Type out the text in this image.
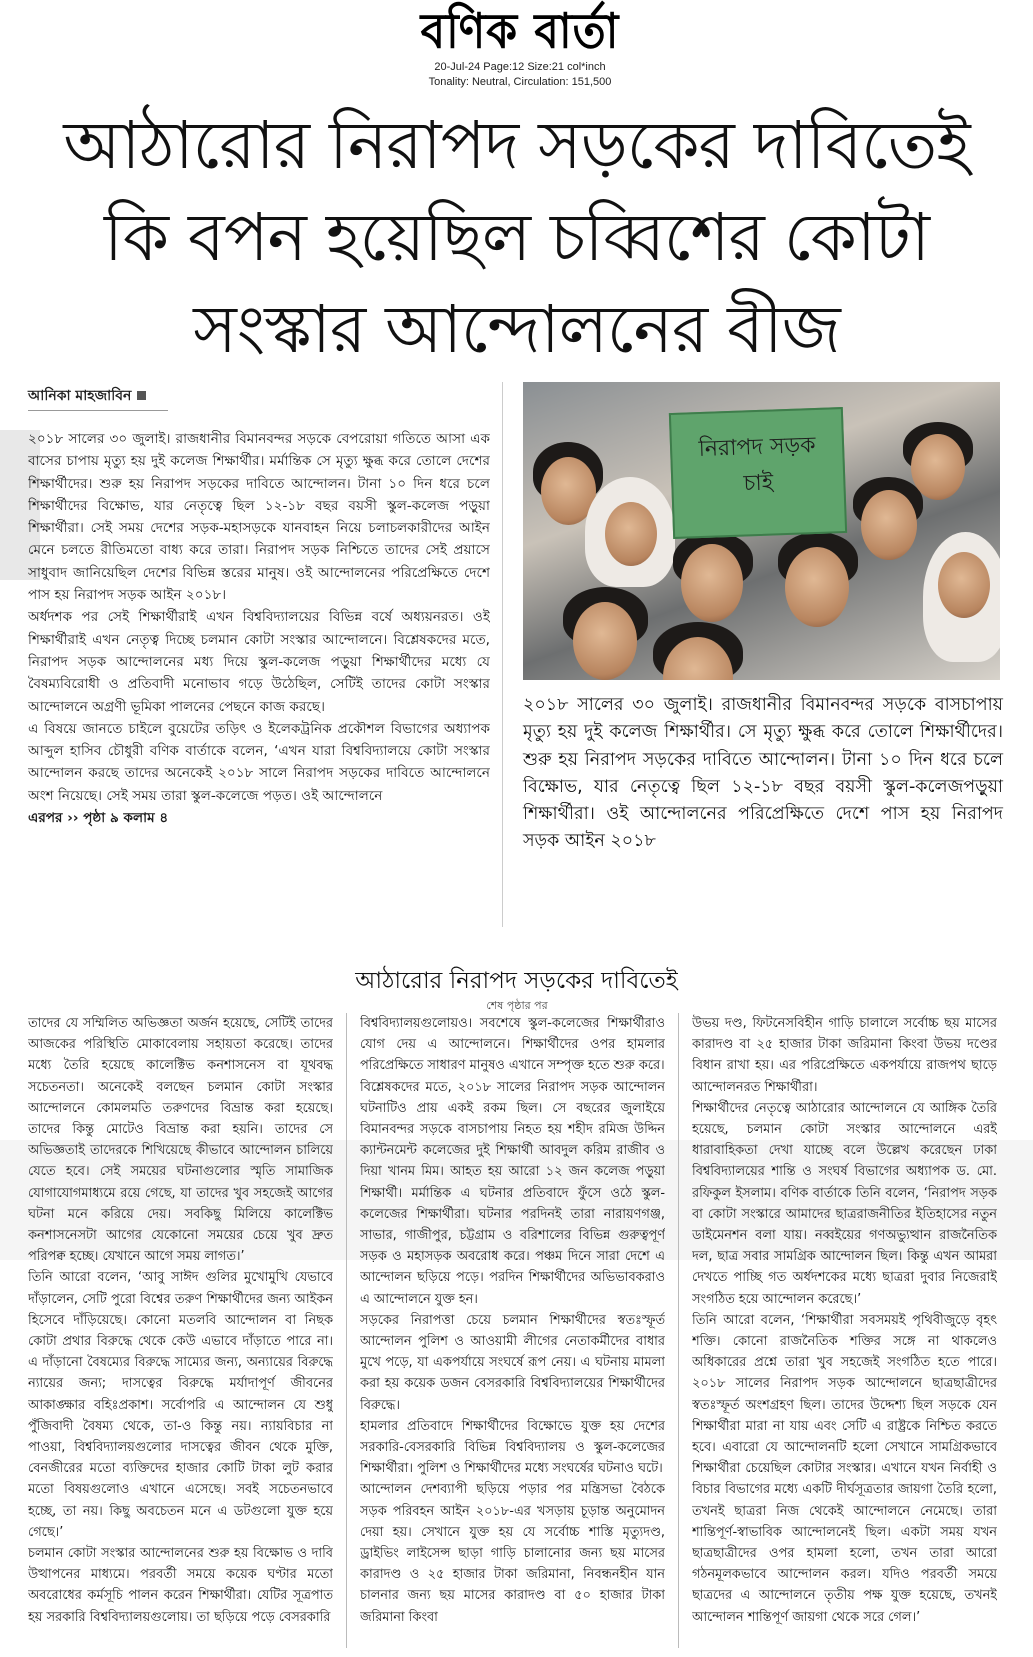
বণিক বার্তা
20-Jul-24 Page:12 Size:21 col*inch
Tonality: Neutral, Circulation: 151,500
আঠারোর নিরাপদ সড়কের দাবিতেই
কি বপন হয়েছিল চব্বিশের কোটা
সংস্কার আন্দোলনের বীজ
আনিকা মাহজাবিন

২০১৮ সালের ৩০ জুলাই। রাজধানীর বিমানবন্দর সড়কে বেপরোয়া গতিতে আসা এক বাসের চাপায় মৃত্যু হয় দুই কলেজ শিক্ষার্থীর। মর্মান্তিক সে মৃত্যু ক্ষুব্ধ করে তোলে দেশের শিক্ষার্থীদের। শুরু হয় নিরাপদ সড়কের দাবিতে আন্দোলন। টানা ১০ দিন ধরে চলে শিক্ষার্থীদের বিক্ষোভ, যার নেতৃত্বে ছিল ১২-১৮ বছর বয়সী স্কুল-কলেজ পড়ুয়া শিক্ষার্থীরা। সেই সময় দেশের সড়ক-মহাসড়কে যানবাহন নিয়ে চলাচলকারীদের আইন মেনে চলতে রীতিমতো বাধ্য করে তারা। নিরাপদ সড়ক নিশ্চিতে তাদের সেই প্রয়াসে সাধুবাদ জানিয়েছিল দেশের বিভিন্ন স্তরের মানুষ। ওই আন্দোলনের পরিপ্রেক্ষিতে দেশে পাস হয় নিরাপদ সড়ক আইন ২০১৮।

অর্ধদশক পর সেই শিক্ষার্থীরাই এখন বিশ্ববিদ্যালয়ের বিভিন্ন বর্ষে অধ্যয়নরত। ওই শিক্ষার্থীরাই এখন নেতৃত্ব দিচ্ছে চলমান কোটা সংস্কার আন্দোলনে। বিশ্লেষকদের মতে, নিরাপদ সড়ক আন্দোলনের মধ্য দিয়ে স্কুল-কলেজ পড়ুয়া শিক্ষার্থীদের মধ্যে যে বৈষম্যবিরোধী ও প্রতিবাদী মনোভাব গড়ে উঠেছিল, সেটিই তাদের কোটা সংস্কার আন্দোলনে অগ্রণী ভূমিকা পালনের পেছনে কাজ করছে।

এ বিষয়ে জানতে চাইলে বুয়েটের তড়িৎ ও ইলেকট্রনিক প্রকৌশল বিভাগের অধ্যাপক আব্দুল হাসিব চৌধুরী বণিক বার্তাকে বলেন, ‘এখন যারা বিশ্ববিদ্যালয়ে কোটা সংস্কার আন্দোলন করছে তাদের অনেকেই ২০১৮ সালে নিরাপদ সড়কের দাবিতে আন্দোলনে অংশ নিয়েছে। সেই সময় তারা স্কুল-কলেজে পড়ত। ওই আন্দোলনে

এরপর ›› পৃষ্ঠা ৯ কলাম ৪

নিরাপদ সড়ক চাই
২০১৮ সালের ৩০ জুলাই। রাজধানীর বিমানবন্দর সড়কে বাসচাপায় মৃত্যু হয় দুই কলেজ শিক্ষার্থীর। সে মৃত্যু ক্ষুব্ধ করে তোলে শিক্ষার্থীদের। শুরু হয় নিরাপদ সড়কের দাবিতে আন্দোলন। টানা ১০ দিন ধরে চলে বিক্ষোভ, যার নেতৃত্বে ছিল ১২-১৮ বছর বয়সী স্কুল-কলেজপড়ুয়া শিক্ষার্থীরা। ওই আন্দোলনের পরিপ্রেক্ষিতে দেশে পাস হয় নিরাপদ সড়ক আইন ২০১৮
আঠারোর নিরাপদ সড়কের দাবিতেই
শেষ পৃষ্ঠার পর

তাদের যে সম্মিলিত অভিজ্ঞতা অর্জন হয়েছে, সেটিই তাদের আজকের পরিস্থিতি মোকাবেলায় সহায়তা করেছে। তাদের মধ্যে তৈরি হয়েছে কালেক্টিভ কনশাসনেস বা যূথবদ্ধ সচেতনতা। অনেকেই বলছেন চলমান কোটা সংস্কার আন্দোলনে কোমলমতি তরুণদের বিভ্রান্ত করা হয়েছে। তাদের কিন্তু মোটেও বিভ্রান্ত করা হয়নি। তাদের সে অভিজ্ঞতাই তাদেরকে শিখিয়েছে কীভাবে আন্দোলন চালিয়ে যেতে হবে। সেই সময়ের ঘটনাগুলোর স্মৃতি সামাজিক যোগাযোগমাধ্যমে রয়ে গেছে, যা তাদের খুব সহজেই আগের ঘটনা মনে করিয়ে দেয়। সবকিছু মিলিয়ে কালেক্টিভ কনশাসনেসটা আগের যেকোনো সময়ের চেয়ে খুব দ্রুত পরিপক্ব হচ্ছে। যেখানে আগে সময় লাগত।’

তিনি আরো বলেন, ‘আবু সাঈদ গুলির মুখোমুখি যেভাবে দাঁড়ালেন, সেটি পুরো বিশ্বের তরুণ শিক্ষার্থীদের জন্য আইকন হিসেবে দাঁড়িয়েছে। কোনো মতলবি আন্দোলন বা নিছক কোটা প্রথার বিরুদ্ধে থেকে কেউ এভাবে দাঁড়াতে পারে না। এ দাঁড়ানো বৈষম্যের বিরুদ্ধে সাম্যের জন্য, অন্যায়ের বিরুদ্ধে ন্যায়ের জন্য; দাসত্বের বিরুদ্ধে মর্যাদাপূর্ণ জীবনের আকাঙ্ক্ষার বহিঃপ্রকাশ। সর্বোপরি এ আন্দোলন যে শুধু পুঁজিবাদী বৈষম্য থেকে, তা-ও কিন্তু নয়। ন্যায়বিচার না পাওয়া, বিশ্ববিদ্যালয়গুলোর দাসত্বের জীবন থেকে মুক্তি, বেনজীরের মতো ব্যক্তিদের হাজার কোটি টাকা লুট করার মতো বিষয়গুলোও এখানে এসেছে। সবই সচেতনভাবে হচ্ছে, তা নয়। কিছু অবচেতন মনে এ ডটগুলো যুক্ত হয়ে গেছে।’

চলমান কোটা সংস্কার আন্দোলনের শুরু হয় বিক্ষোভ ও দাবি উত্থাপনের মাধ্যমে। পরবর্তী সময়ে কয়েক ঘণ্টার মতো অবরোধের কর্মসূচি পালন করেন শিক্ষার্থীরা। যেটির সূত্রপাত হয় সরকারি বিশ্ববিদ্যালয়গুলোয়। তা ছড়িয়ে পড়ে বেসরকারি

বিশ্ববিদ্যালয়গুলোয়ও। সবশেষে স্কুল-কলেজের শিক্ষার্থীরাও যোগ দেয় এ আন্দোলনে। শিক্ষার্থীদের ওপর হামলার পরিপ্রেক্ষিতে সাধারণ মানুষও এখানে সম্পৃক্ত হতে শুরু করে।

বিশ্লেষকদের মতে, ২০১৮ সালের নিরাপদ সড়ক আন্দোলন ঘটনাটিও প্রায় একই রকম ছিল। সে বছরের জুলাইয়ে বিমানবন্দর সড়কে বাসচাপায় নিহত হয় শহীদ রমিজ উদ্দিন ক্যান্টনমেন্ট কলেজের দুই শিক্ষার্থী আবদুল করিম রাজীব ও দিয়া খানম মিম। আহত হয় আরো ১২ জন কলেজ পড়ুয়া শিক্ষার্থী। মর্মান্তিক এ ঘটনার প্রতিবাদে ফুঁসে ওঠে স্কুল-কলেজের শিক্ষার্থীরা। ঘটনার পরদিনই তারা নারায়ণগঞ্জ, সাভার, গাজীপুর, চট্টগ্রাম ও বরিশালের বিভিন্ন গুরুত্বপূর্ণ সড়ক ও মহাসড়ক অবরোধ করে। পঞ্চম দিনে সারা দেশে এ আন্দোলন ছড়িয়ে পড়ে। পরদিন শিক্ষার্থীদের অভিভাবকরাও এ আন্দোলনে যুক্ত হন।

সড়কের নিরাপত্তা চেয়ে চলমান শিক্ষার্থীদের স্বতঃস্ফূর্ত আন্দোলন পুলিশ ও আওয়ামী লীগের নেতাকর্মীদের বাধার মুখে পড়ে, যা একপর্যায়ে সংঘর্ষে রূপ নেয়। এ ঘটনায় মামলা করা হয় কয়েক ডজন বেসরকারি বিশ্ববিদ্যালয়ের শিক্ষার্থীদের বিরুদ্ধে।

হামলার প্রতিবাদে শিক্ষার্থীদের বিক্ষোভে যুক্ত হয় দেশের সরকারি-বেসরকারি বিভিন্ন বিশ্ববিদ্যালয় ও স্কুল-কলেজের শিক্ষার্থীরা। পুলিশ ও শিক্ষার্থীদের মধ্যে সংঘর্ষের ঘটনাও ঘটে।

আন্দোলন দেশব্যাপী ছড়িয়ে পড়ার পর মন্ত্রিসভা বৈঠকে সড়ক পরিবহন আইন ২০১৮-এর খসড়ায় চূড়ান্ত অনুমোদন দেয়া হয়। সেখানে যুক্ত হয় যে সর্বোচ্চ শাস্তি মৃত্যুদণ্ড, ড্রাইভিং লাইসেন্স ছাড়া গাড়ি চালানোর জন্য ছয় মাসের কারাদণ্ড ও ২৫ হাজার টাকা জরিমানা, নিবন্ধনহীন যান চালনার জন্য ছয় মাসের কারাদণ্ড বা ৫০ হাজার টাকা জরিমানা কিংবা

উভয় দণ্ড, ফিটনেসবিহীন গাড়ি চালালে সর্বোচ্চ ছয় মাসের কারাদণ্ড বা ২৫ হাজার টাকা জরিমানা কিংবা উভয় দণ্ডের বিধান রাখা হয়। এর পরিপ্রেক্ষিতে একপর্যায়ে রাজপথ ছাড়ে আন্দোলনরত শিক্ষার্থীরা।

শিক্ষার্থীদের নেতৃত্বে আঠারোর আন্দোলনে যে আঙ্গিক তৈরি হয়েছে, চলমান কোটা সংস্কার আন্দোলনে এরই ধারাবাহিকতা দেখা যাচ্ছে বলে উল্লেখ করেছেন ঢাকা বিশ্ববিদ্যালয়ের শান্তি ও সংঘর্ষ বিভাগের অধ্যাপক ড. মো. রফিকুল ইসলাম। বণিক বার্তাকে তিনি বলেন, ‘নিরাপদ সড়ক বা কোটা সংস্কারে আমাদের ছাত্ররাজনীতির ইতিহাসের নতুন ডাইমেনশন বলা যায়। নব্বইয়ের গণঅভ্যুত্থান রাজনৈতিক দল, ছাত্র সবার সামগ্রিক আন্দোলন ছিল। কিন্তু এখন আমরা দেখতে পাচ্ছি গত অর্ধদশকের মধ্যে ছাত্ররা দুবার নিজেরাই সংগঠিত হয়ে আন্দোলন করেছে।’

তিনি আরো বলেন, ‘শিক্ষার্থীরা সবসময়ই পৃথিবীজুড়ে বৃহৎ শক্তি। কোনো রাজনৈতিক শক্তির সঙ্গে না থাকলেও অধিকারের প্রশ্নে তারা খুব সহজেই সংগঠিত হতে পারে। ২০১৮ সালের নিরাপদ সড়ক আন্দোলনে ছাত্রছাত্রীদের স্বতঃস্ফূর্ত অংশগ্রহণ ছিল। তাদের উদ্দেশ্য ছিল সড়কে যেন শিক্ষার্থীরা মারা না যায় এবং সেটি এ রাষ্ট্রকে নিশ্চিত করতে হবে। এবারো যে আন্দোলনটি হলো সেখানে সামগ্রিকভাবে শিক্ষার্থীরা চেয়েছিল কোটার সংস্কার। এখানে যখন নির্বাহী ও বিচার বিভাগের মধ্যে একটি দীর্ঘসূত্রতার জায়গা তৈরি হলো, তখনই ছাত্ররা নিজ থেকেই আন্দোলনে নেমেছে। তারা শান্তিপূর্ণ-স্বাভাবিক আন্দোলনেই ছিল। একটা সময় যখন ছাত্রছাত্রীদের ওপর হামলা হলো, তখন তারা আরো গঠনমূলকভাবে আন্দোলন করল। যদিও পরবর্তী সময়ে ছাত্রদের এ আন্দোলনে তৃতীয় পক্ষ যুক্ত হয়েছে, তখনই আন্দোলন শান্তিপূর্ণ জায়গা থেকে সরে গেল।’
